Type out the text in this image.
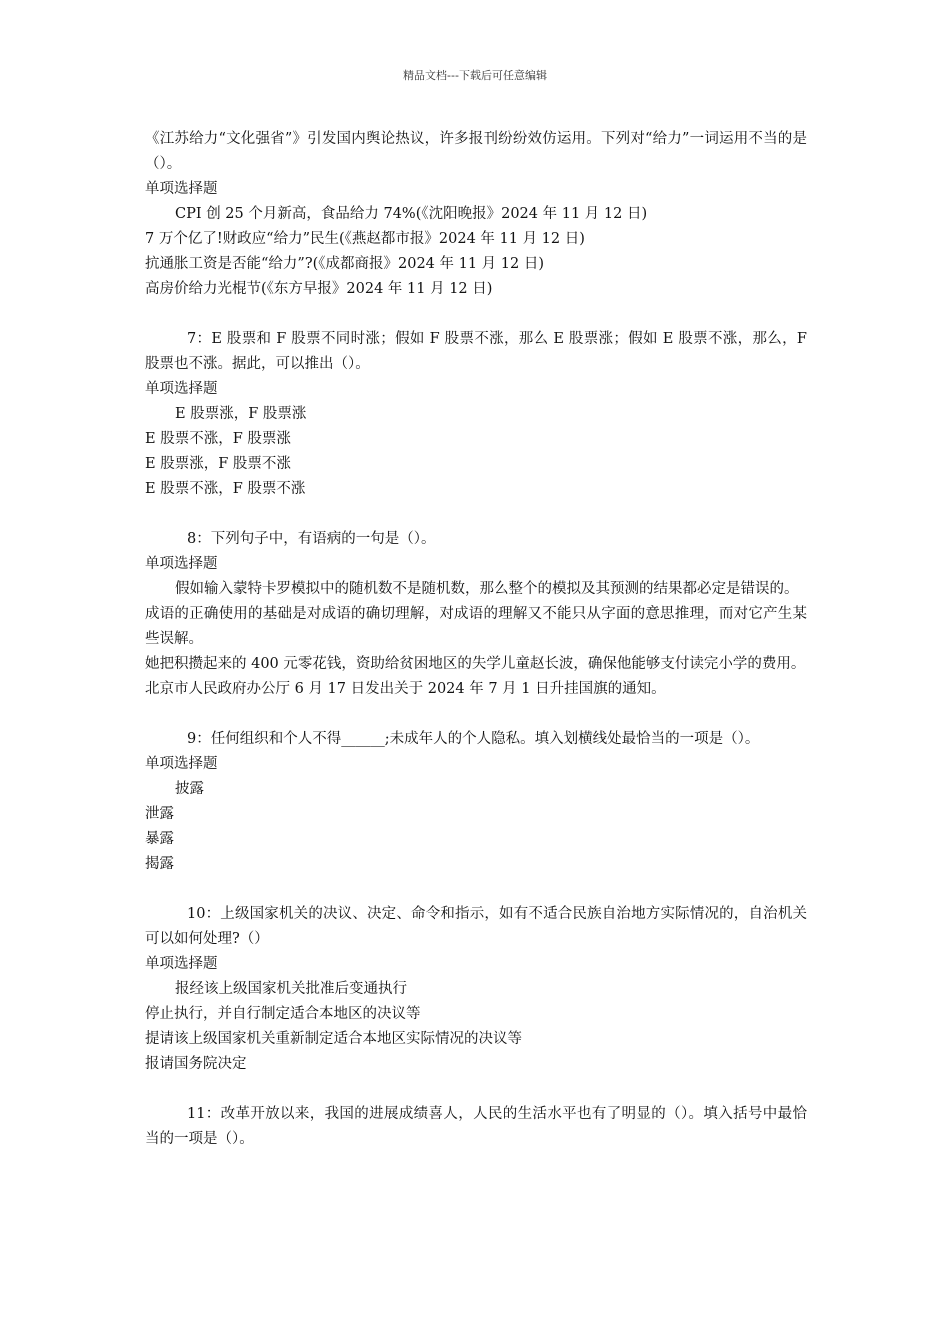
精品文档---下载后可任意编辑

《江苏给力“文化强省”》引发国内舆论热议，许多报刊纷纷效仿运用。下列对“给力”一词运用不当的是（）。

单项选择题

CPI 创 25 个月新高，食品给力 74%(《沈阳晚报》2024 年 11 月 12 日)

7 万个亿了!财政应“给力”民生(《燕赵都市报》2024 年 11 月 12 日)

抗通胀工资是否能“给力”?(《成都商报》2024 年 11 月 12 日)

高房价给力光棍节(《东方早报》2024 年 11 月 12 日)

7：E 股票和 F 股票不同时涨；假如 F 股票不涨，那么 E 股票涨；假如 E 股票不涨，那么，F 股票也不涨。据此，可以推出（）。

单项选择题

E 股票涨，F 股票涨

E 股票不涨，F 股票涨

E 股票涨，F 股票不涨

E 股票不涨，F 股票不涨

8：下列句子中，有语病的一句是（）。

单项选择题

假如输入蒙特卡罗模拟中的随机数不是随机数，那么整个的模拟及其预测的结果都必定是错误的。

成语的正确使用的基础是对成语的确切理解，对成语的理解又不能只从字面的意思推理，而对它产生某些误解。

她把积攒起来的 400 元零花钱，资助给贫困地区的失学儿童赵长波，确保他能够支付读完小学的费用。

北京市人民政府办公厅 6 月 17 日发出关于 2024 年 7 月 1 日升挂国旗的通知。

9：任何组织和个人不得______;未成年人的个人隐私。填入划横线处最恰当的一项是（）。

单项选择题

披露

泄露

暴露

揭露

10：上级国家机关的决议、决定、命令和指示，如有不适合民族自治地方实际情况的，自治机关可以如何处理?（）

单项选择题

报经该上级国家机关批准后变通执行

停止执行，并自行制定适合本地区的决议等

提请该上级国家机关重新制定适合本地区实际情况的决议等

报请国务院决定

11：改革开放以来，我国的进展成绩喜人，人民的生活水平也有了明显的（）。填入括号中最恰当的一项是（）。
